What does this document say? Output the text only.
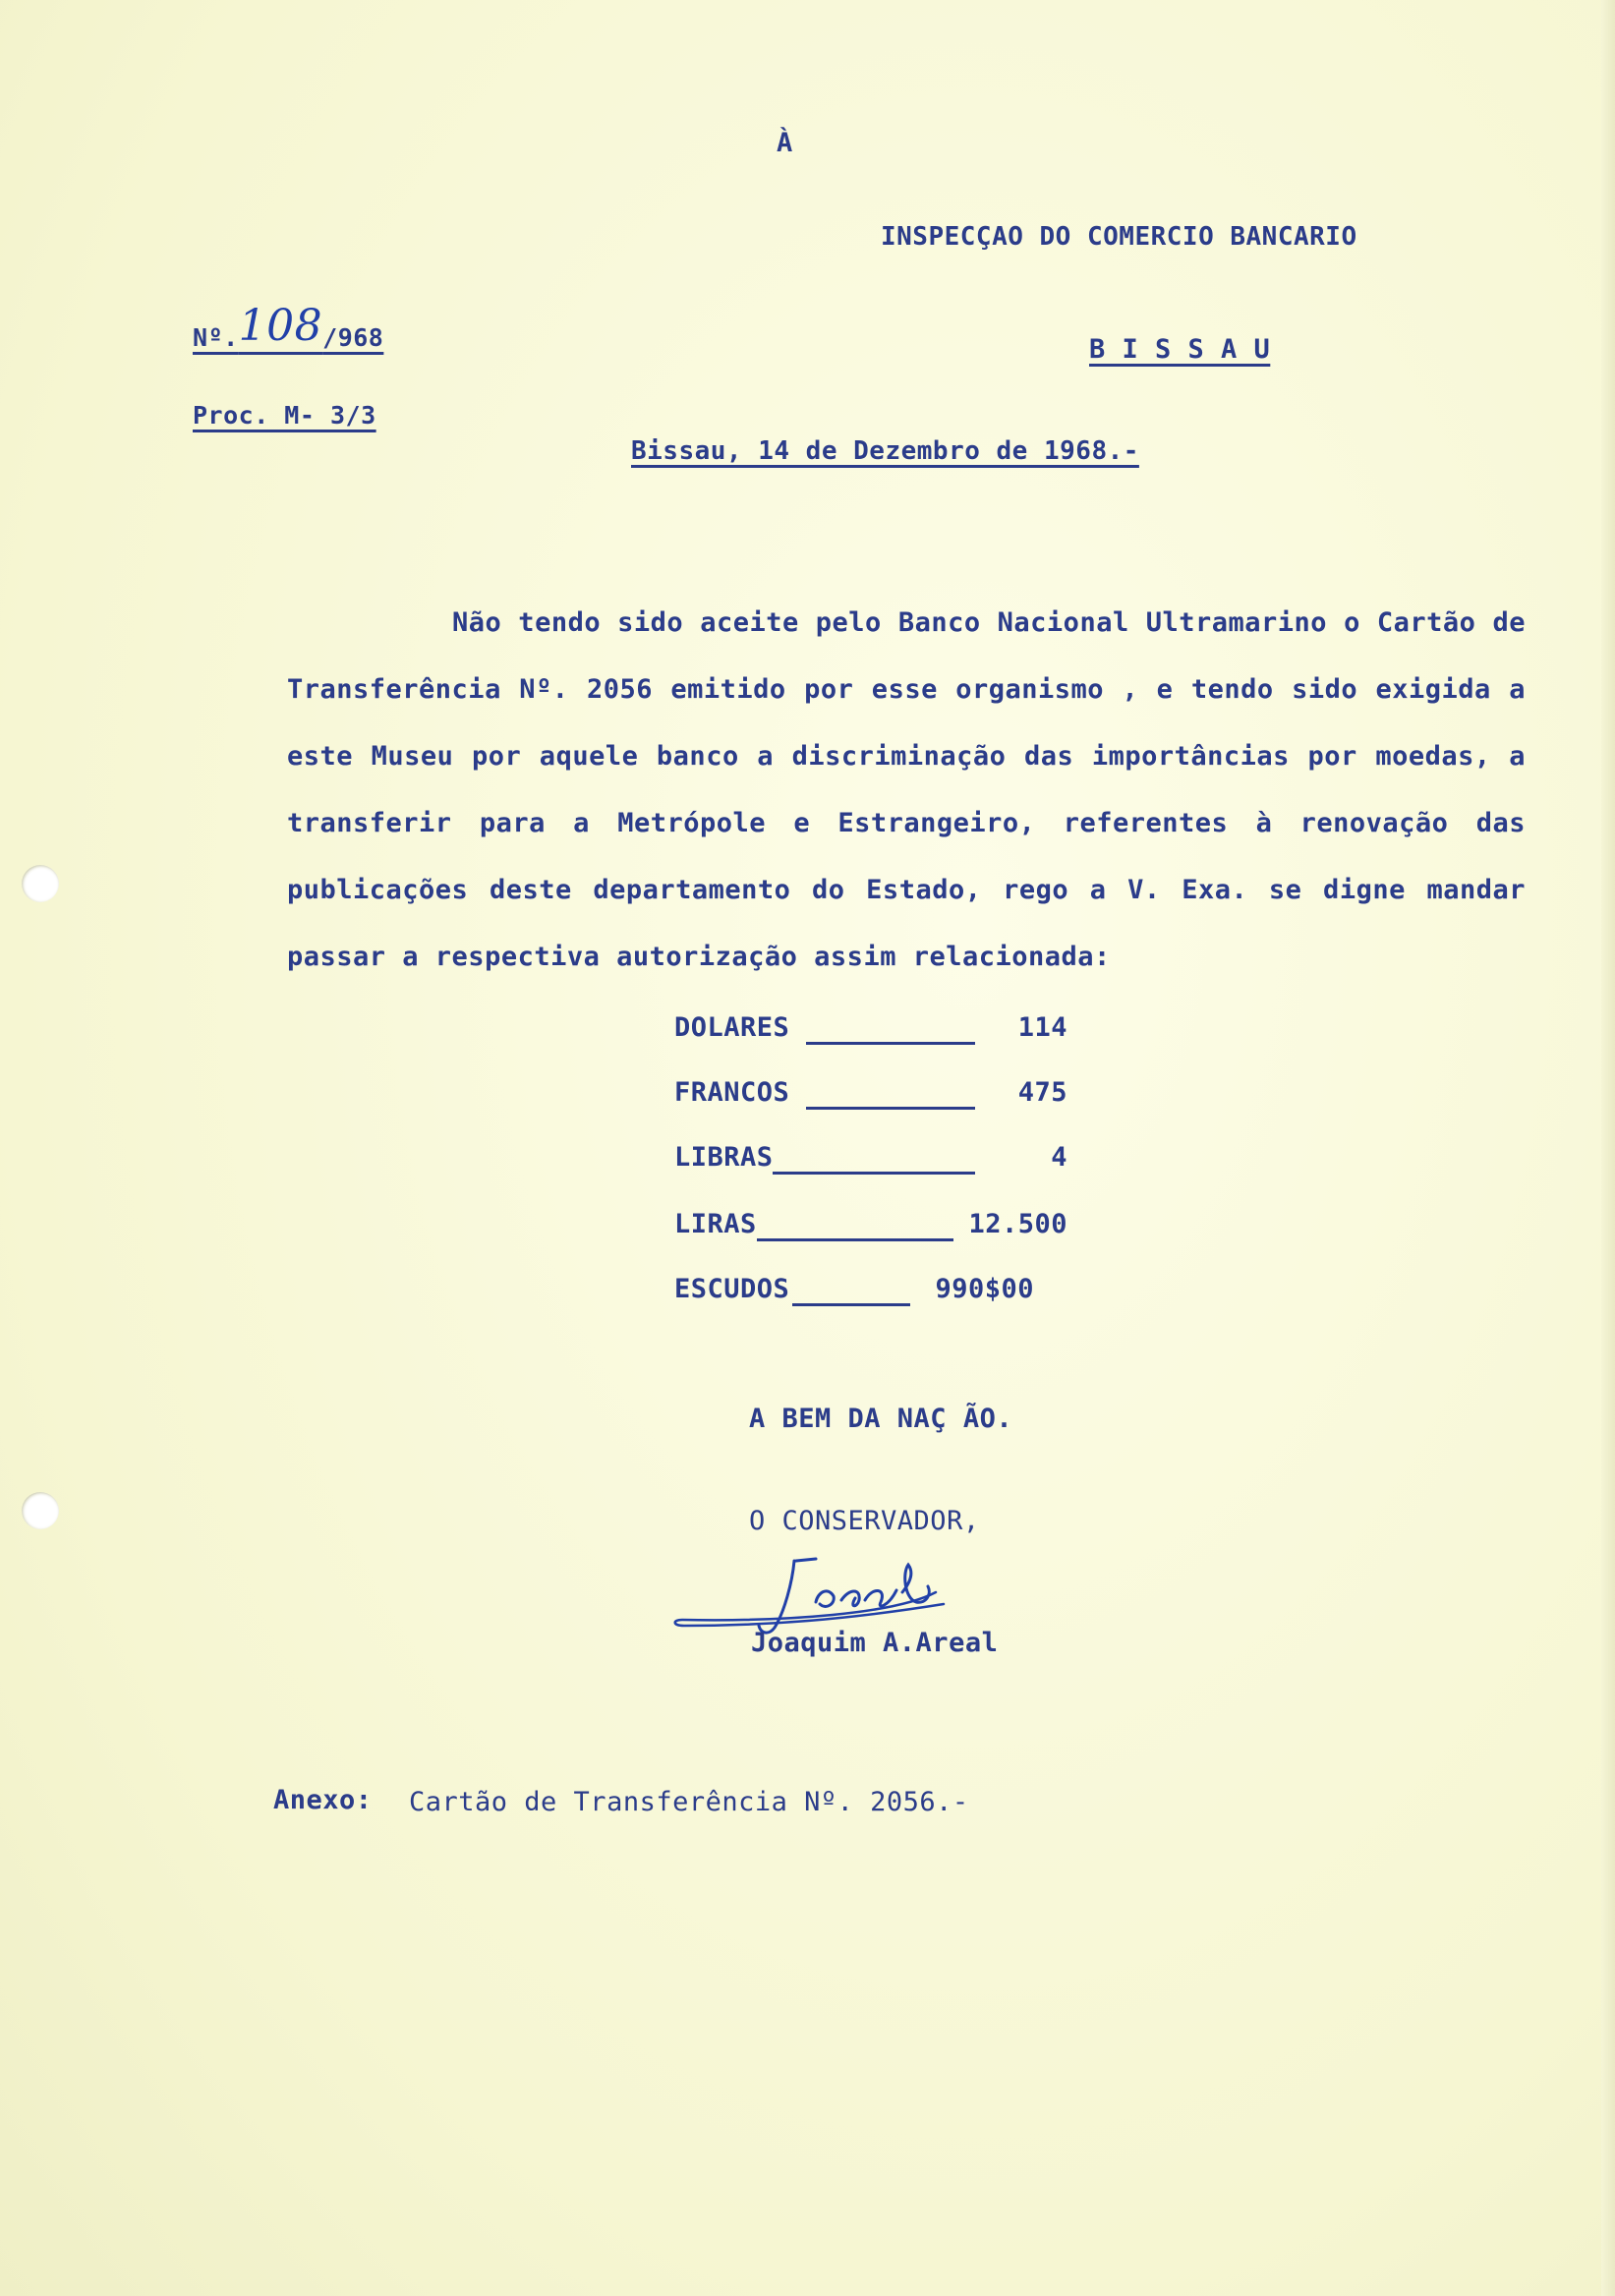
À
INSPECÇAO DO COMERCIO BANCARIO
B I S S A U
Nº.108/968
Proc. M- 3/3
Bissau, 14 de Dezembro de 1968.-
Não tendo sido aceite pelo Banco Nacional Ultramarino o Cartão de Transferência Nº. 2056 emitido por esse organismo , e tendo sido exigida a este Museu por aquele banco a discriminação das importâncias por moedas, a transferir para a Metrópole e Estrangeiro, referentes à renovação das publicações deste departamento do Estado, rego a V. Exa. se digne mandar passar a respectiva autorização assim relacionada:
DOLARES	114
FRANCOS	475
LIBRAS	4
LIRAS	12.500
ESCUDOS	990$00
A BEM DA NAÇ ÃO.
O CONSERVADOR,
Joaquim A.Areal
Anexo: Cartão de Transferência Nº. 2056.-
